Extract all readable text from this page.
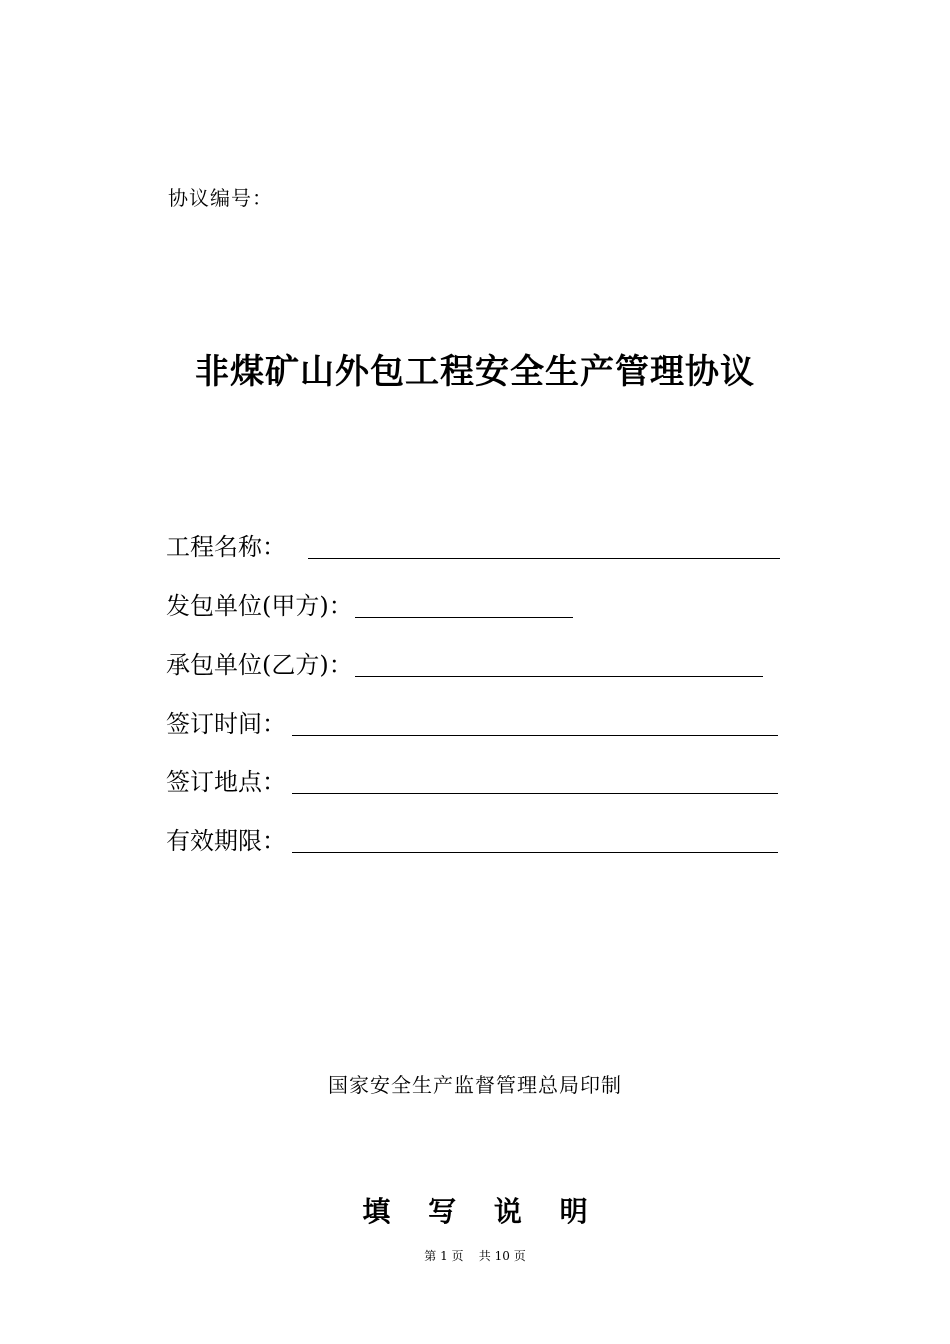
协议编号：
非煤矿山外包工程安全生产管理协议
工程名称：
发包单位(甲方)：
承包单位(乙方)：
签订时间：
签订地点：
有效期限：
国家安全生产监督管理总局印制
填 写 说 明
第 1 页    共 10 页
